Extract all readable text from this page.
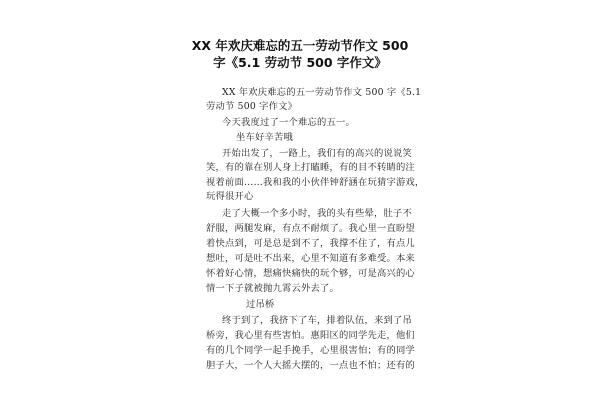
XX 年欢庆难忘的五一劳动节作文 500
字《5.1 劳动节 500 字作文》
XX 年欢庆难忘的五一劳动节作文 500 字《5.1
劳动节 500 字作文》
今天我度过了一个难忘的五一。
坐车好辛苦哦
开始出发了，一路上，我们有的高兴的说说笑
笑，有的靠在别人身上打瞌睡，有的目不转睛的注
视着前面……我和我的小伙伴钟舒涵在玩猜字游戏，
玩得很开心
走了大概一个多小时，我的头有些晕，肚子不
舒服，两腿发麻，有点不耐烦了。我心里一直盼望
着快点到，可是总是到不了，我撑不住了，有点儿
想吐，可是吐不出来，心里不知道有多难受。本来
怀着好心情，想痛快痛快的玩个够，可是高兴的心
情一下子就被抛九霄云外去了。
过吊桥
终于到了，我挤下了车，排着队伍，来到了吊
桥旁，我心里有些害怕。惠阳区的同学先走，他们
有的几个同学一起手挽手，心里很害怕；有的同学
胆子大，一个人大摇大摆的，一点也不怕；还有的
